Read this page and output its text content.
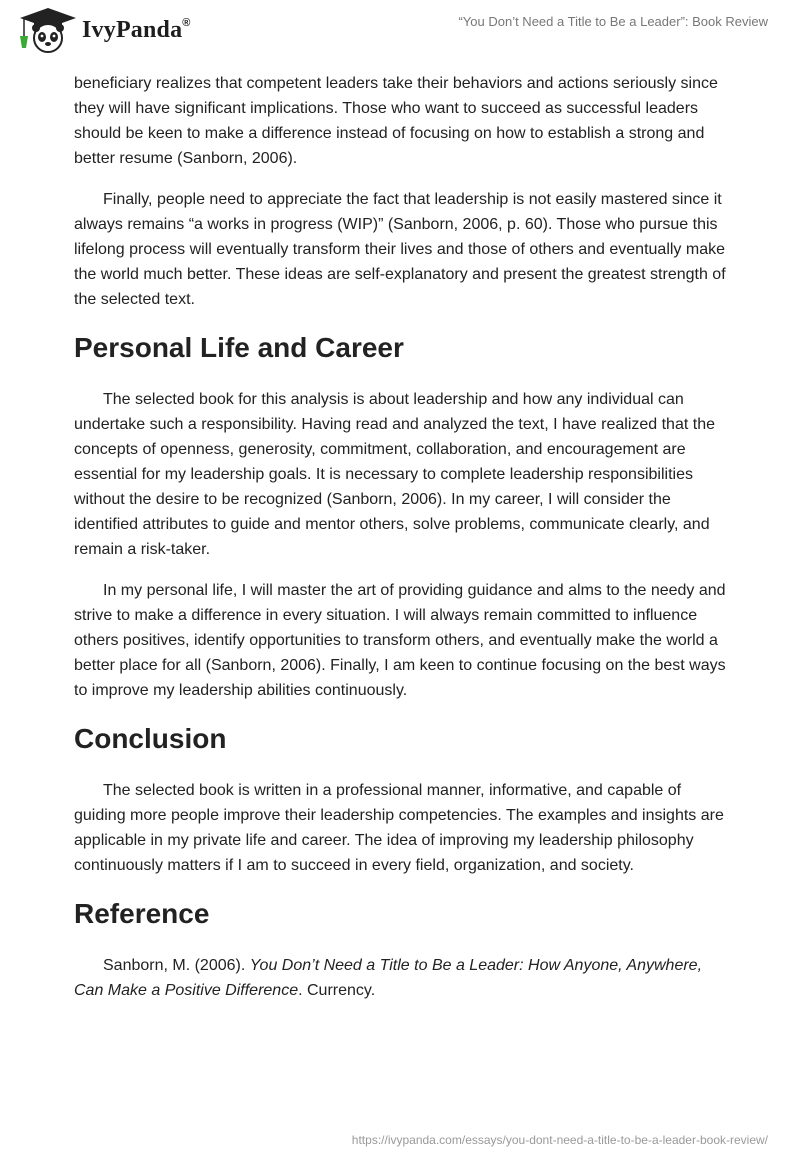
IvyPanda®	“You Don’t Need a Title to Be a Leader”: Book Review

beneficiary realizes that competent leaders take their behaviors and actions seriously since they will have significant implications. Those who want to succeed as successful leaders should be keen to make a difference instead of focusing on how to establish a strong and better resume (Sanborn, 2006).

Finally, people need to appreciate the fact that leadership is not easily mastered since it always remains “a works in progress (WIP)” (Sanborn, 2006, p. 60). Those who pursue this lifelong process will eventually transform their lives and those of others and eventually make the world much better. These ideas are self-explanatory and present the greatest strength of the selected text.

Personal Life and Career

The selected book for this analysis is about leadership and how any individual can undertake such a responsibility. Having read and analyzed the text, I have realized that the concepts of openness, generosity, commitment, collaboration, and encouragement are essential for my leadership goals. It is necessary to complete leadership responsibilities without the desire to be recognized (Sanborn, 2006). In my career, I will consider the identified attributes to guide and mentor others, solve problems, communicate clearly, and remain a risk-taker.

In my personal life, I will master the art of providing guidance and alms to the needy and strive to make a difference in every situation. I will always remain committed to influence others positives, identify opportunities to transform others, and eventually make the world a better place for all (Sanborn, 2006). Finally, I am keen to continue focusing on the best ways to improve my leadership abilities continuously.

Conclusion

The selected book is written in a professional manner, informative, and capable of guiding more people improve their leadership competencies. The examples and insights are applicable in my private life and career. The idea of improving my leadership philosophy continuously matters if I am to succeed in every field, organization, and society.

Reference

Sanborn, M. (2006). You Don’t Need a Title to Be a Leader: How Anyone, Anywhere, Can Make a Positive Difference. Currency.

https://ivypanda.com/essays/you-dont-need-a-title-to-be-a-leader-book-review/
